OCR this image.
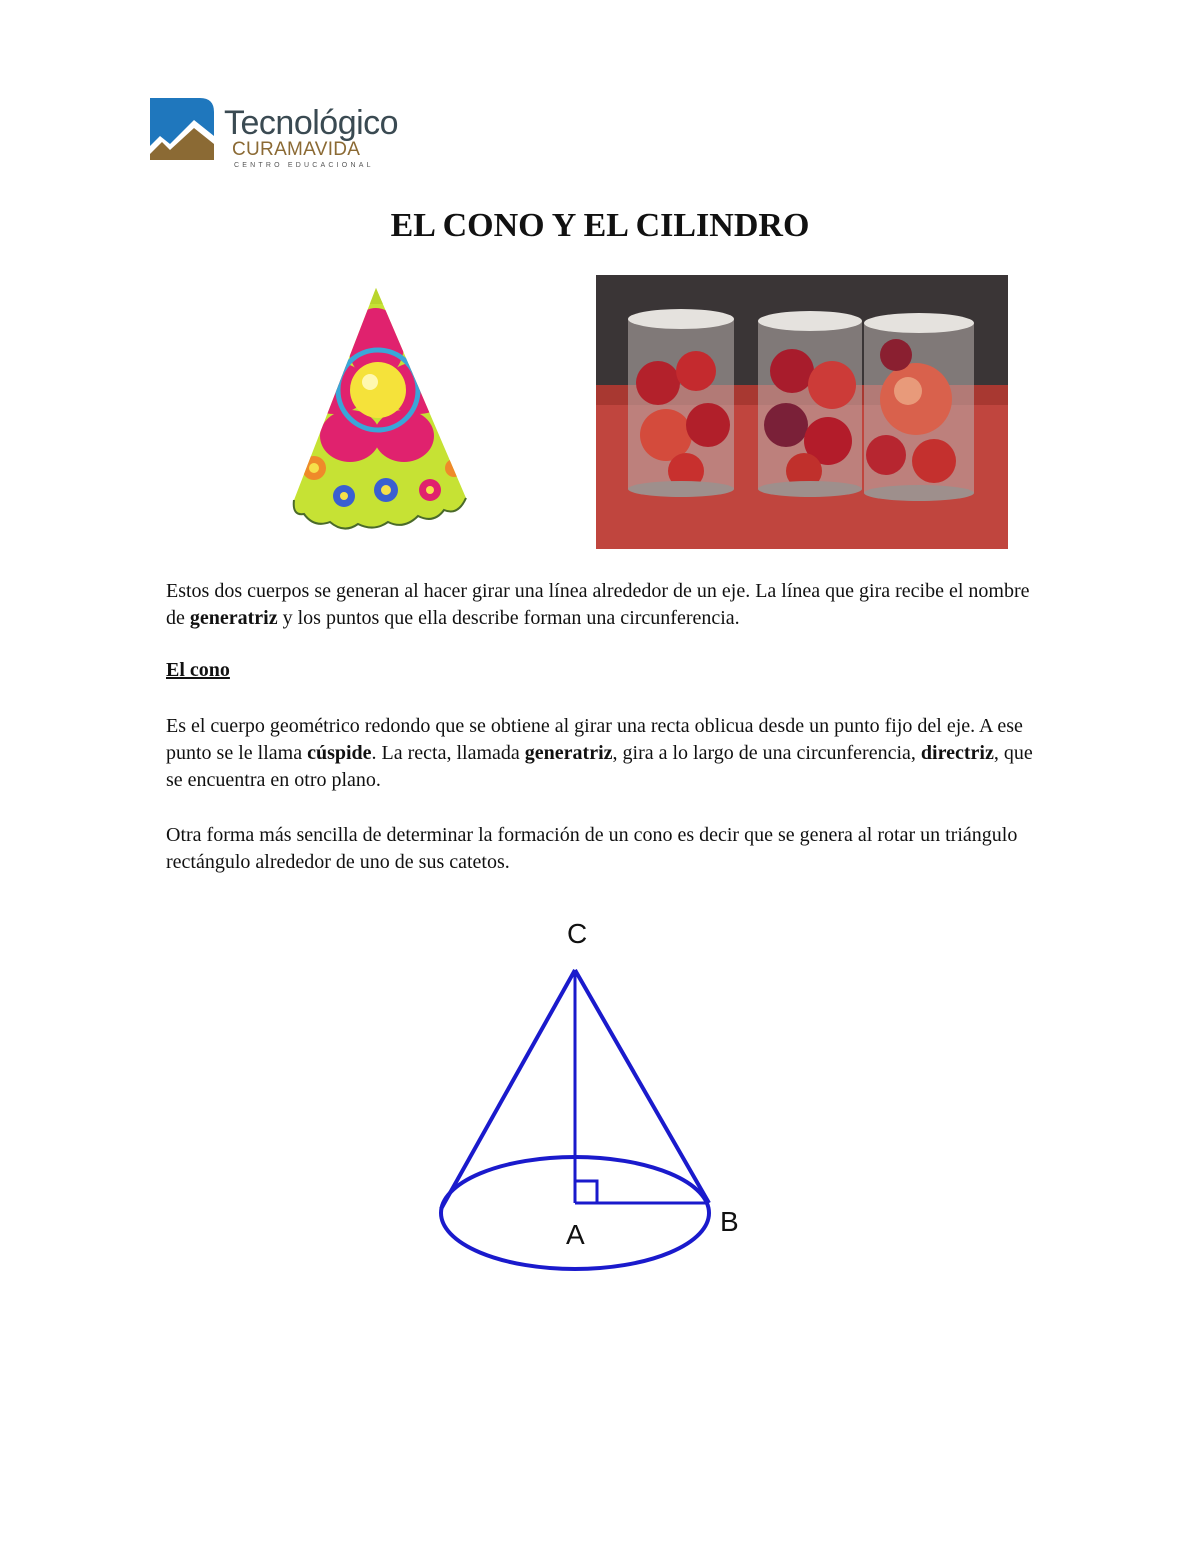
Tecnológico
CURAMAVIDA
CENTRO EDUCACIONAL
EL CONO Y EL CILINDRO

Estos dos cuerpos se generan al hacer girar una línea alrededor de un eje. La línea que gira recibe el nombre de generatriz y los puntos que ella describe forman una circunferencia.

El cono

Es el cuerpo geométrico redondo que se obtiene al girar una recta oblicua desde un punto fijo del eje. A ese punto se le llama cúspide. La recta, llamada generatriz, gira a lo largo de una circunferencia, directriz, que se encuentra en otro plano.

Otra forma más sencilla de determinar la formación de un cono es decir que se genera al rotar un triángulo rectángulo alrededor de uno de sus catetos.

C
A	B
